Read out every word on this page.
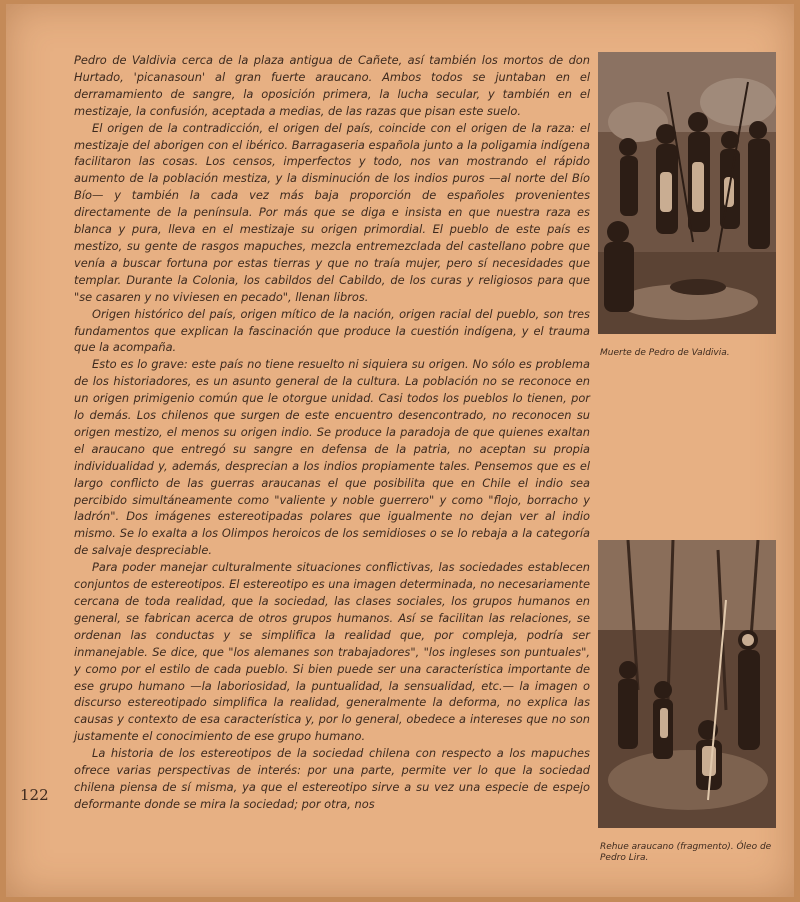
Pedro de Valdivia cerca de la plaza antigua de Cañete, así también los mortos de don Hurtado, 'picanasoun' al gran fuerte araucano. Ambos todos se juntaban en el derramamiento de sangre, la oposición primera, la lucha secular, y también en el mestizaje, la confusión, aceptada a medias, de las razas que pisan este suelo.

El origen de la contradicción, el origen del país, coincide con el origen de la raza: el mestizaje del aborigen con el ibérico. Barragaseria española junto a la poligamia indígena facilitaron las cosas. Los censos, imperfectos y todo, nos van mostrando el rápido aumento de la población mestiza, y la disminución de los indios puros —al norte del Bío Bío— y también la cada vez más baja proporción de españoles provenientes directamente de la península. Por más que se diga e insista en que nuestra raza es blanca y pura, lleva en el mestizaje su origen primordial. El pueblo de este país es mestizo, su gente de rasgos mapuches, mezcla entremezclada del castellano pobre que venía a buscar fortuna por estas tierras y que no traía mujer, pero sí necesidades que templar. Durante la Colonia, los cabildos del Cabildo, de los curas y religiosos para que "se casaren y no viviesen en pecado", llenan libros.

Origen histórico del país, origen mítico de la nación, origen racial del pueblo, son tres fundamentos que explican la fascinación que produce la cuestión indígena, y el trauma que la acompaña.

Esto es lo grave: este país no tiene resuelto ni siquiera su origen. No sólo es problema de los historiadores, es un asunto general de la cultura. La población no se reconoce en un origen primigenio común que le otorgue unidad. Casi todos los pueblos lo tienen, por lo demás. Los chilenos que surgen de este encuentro desencontrado, no reconocen su origen mestizo, el menos su origen indio. Se produce la paradoja de que quienes exaltan el araucano que entregó su sangre en defensa de la patria, no aceptan su propia individualidad y, además, desprecian a los indios propiamente tales. Pensemos que es el largo conflicto de las guerras araucanas el que posibilita que en Chile el indio sea percibido simultáneamente como "valiente y noble guerrero" y como "flojo, borracho y ladrón". Dos imágenes estereotipadas polares que igualmente no dejan ver al indio mismo. Se lo exalta a los Olimpos heroicos de los semidioses o se lo rebaja a la categoría de salvaje despreciable.

Para poder manejar culturalmente situaciones conflictivas, las sociedades establecen conjuntos de estereotipos. El estereotipo es una imagen determinada, no necesariamente cercana de toda realidad, que la sociedad, las clases sociales, los grupos humanos en general, se fabrican acerca de otros grupos humanos. Así se facilitan las relaciones, se ordenan las conductas y se simplifica la realidad que, por compleja, podría ser inmanejable. Se dice, que "los alemanes son trabajadores", "los ingleses son puntuales", y como por el estilo de cada pueblo. Si bien puede ser una característica importante de ese grupo humano —la laboriosidad, la puntualidad, la sensualidad, etc.— la imagen o discurso estereotipado simplifica la realidad, generalmente la deforma, no explica las causas y contexto de esa característica y, por lo general, obedece a intereses que no son justamente el conocimiento de ese grupo humano.

La historia de los estereotipos de la sociedad chilena con respecto a los mapuches ofrece varias perspectivas de interés: por una parte, permite ver lo que la sociedad chilena piensa de sí misma, ya que el estereotipo sirve a su vez una especie de espejo deformante donde se mira la sociedad; por otra, nos

Muerte de Pedro de Valdivia.
Rehue araucano (fragmento). Óleo de Pedro Lira.
122
